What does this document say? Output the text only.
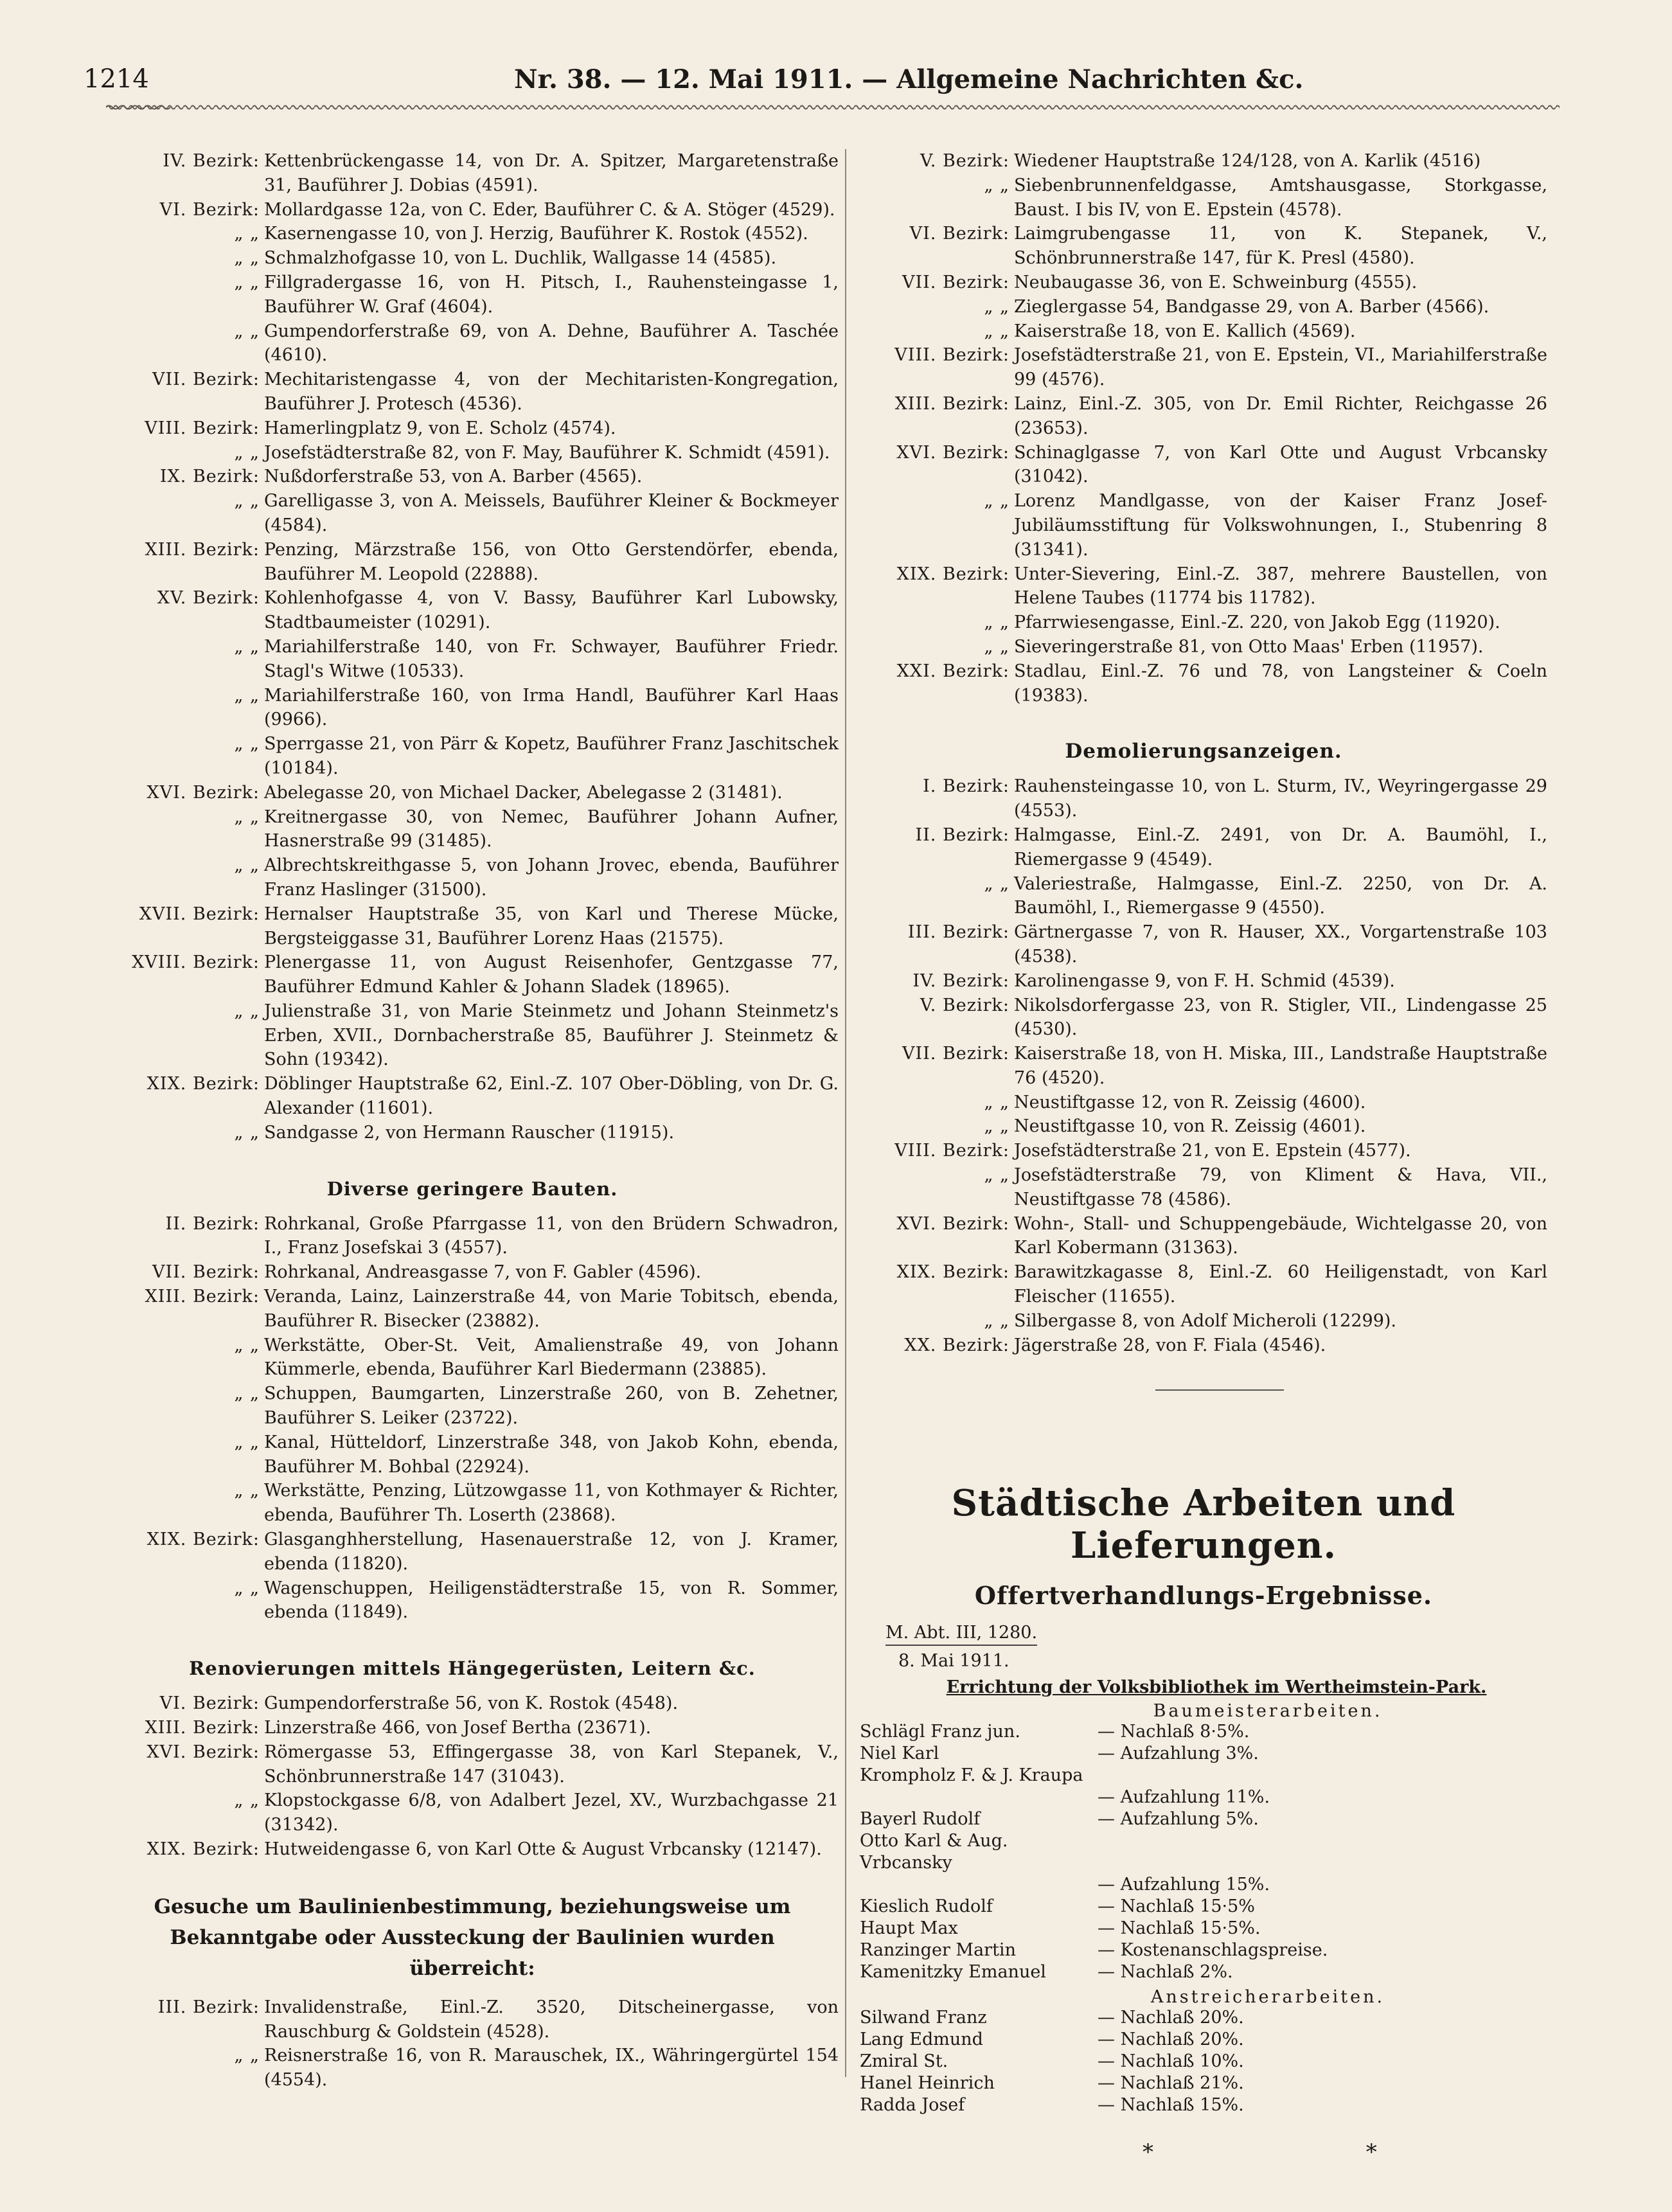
1214	Nr. 38. — 12. Mai 1911. — Allgemeine Nachrichten &c.
IV. Bezirk: Kettenbrückengasse 14, von Dr. A. Spitzer, Margaretenstraße 31, Bauführer J. Dobias (4591).
VI. Bezirk: Mollardgasse 12a, von C. Eder, Bauführer C. & A. Stöger (4529).
„ „ Kasernengasse 10, von J. Herzig, Bauführer K. Rostok (4552).
„ „ Schmalzhofgasse 10, von L. Duchlik, Wallgasse 14 (4585).
„ „ Fillgradergasse 16, von H. Pitsch, I., Rauhensteingasse 1, Bauführer W. Graf (4604).
„ „ Gumpendorferstraße 69, von A. Dehne, Bauführer A. Taschée (4610).
VII. Bezirk: Mechitaristengasse 4, von der Mechitaristen-Kongregation, Bauführer J. Protesch (4536).
VIII. Bezirk: Hamerlingplatz 9, von E. Scholz (4574).
„ „ Josefstädterstraße 82, von F. May, Bauführer K. Schmidt (4591).
IX. Bezirk: Nußdorferstraße 53, von A. Barber (4565).
„ „ Garelligasse 3, von A. Meissels, Bauführer Kleiner & Bockmeyer (4584).
XIII. Bezirk: Penzing, Märzstraße 156, von Otto Gerstendörfer, ebenda, Bauführer M. Leopold (22888).
XV. Bezirk: Kohlenhofgasse 4, von V. Bassy, Bauführer Karl Lubowsky, Stadtbaumeister (10291).
„ „ Mariahilferstraße 140, von Fr. Schwayer, Bauführer Friedr. Stagl's Witwe (10533).
„ „ Mariahilferstraße 160, von Irma Handl, Bauführer Karl Haas (9966).
„ „ Sperrgasse 21, von Pärr & Kopetz, Bauführer Franz Jaschitschek (10184).
XVI. Bezirk: Abelegasse 20, von Michael Dacker, Abelegasse 2 (31481).
„ „ Kreitnergasse 30, von Nemec, Bauführer Johann Aufner, Hasnerstraße 99 (31485).
„ „ Albrechtskreithgasse 5, von Johann Jrovec, ebenda, Bauführer Franz Haslinger (31500).
XVII. Bezirk: Hernalser Hauptstraße 35, von Karl und Therese Mücke, Bergsteiggasse 31, Bauführer Lorenz Haas (21575).
XVIII. Bezirk: Plenergasse 11, von August Reisenhofer, Gentzgasse 77, Bauführer Edmund Kahler & Johann Sladek (18965).
„ „ Julienstraße 31, von Marie Steinmetz und Johann Steinmetz's Erben, XVII., Dornbacherstraße 85, Bauführer J. Steinmetz & Sohn (19342).
XIX. Bezirk: Döblinger Hauptstraße 62, Einl.-Z. 107 Ober-Döbling, von Dr. G. Alexander (11601).
„ „ Sandgasse 2, von Hermann Rauscher (11915).
Diverse geringere Bauten.
II. Bezirk: Rohrkanal, Große Pfarrgasse 11, von den Brüdern Schwadron, I., Franz Josefskai 3 (4557).
VII. Bezirk: Rohrkanal, Andreasgasse 7, von F. Gabler (4596).
XIII. Bezirk: Veranda, Lainz, Lainzerstraße 44, von Marie Tobitsch, ebenda, Bauführer R. Bisecker (23882).
„ „ Werkstätte, Ober-St. Veit, Amalienstraße 49, von Johann Kümmerle, ebenda, Bauführer Karl Biedermann (23885).
„ „ Schuppen, Baumgarten, Linzerstraße 260, von B. Zehetner, Bauführer S. Leiker (23722).
„ „ Kanal, Hütteldorf, Linzerstraße 348, von Jakob Kohn, ebenda, Bauführer M. Bohbal (22924).
„ „ Werkstätte, Penzing, Lützowgasse 11, von Kothmayer & Richter, ebenda, Bauführer Th. Loserth (23868).
XIX. Bezirk: Glasganghherstellung, Hasenauerstraße 12, von J. Kramer, ebenda (11820).
„ „ Wagenschuppen, Heiligenstädterstraße 15, von R. Sommer, ebenda (11849).
Renovierungen mittels Hängegerüsten, Leitern &c.
VI. Bezirk: Gumpendorferstraße 56, von K. Rostok (4548).
XIII. Bezirk: Linzerstraße 466, von Josef Bertha (23671).
XVI. Bezirk: Römergasse 53, Effingergasse 38, von Karl Stepanek, V., Schönbrunnerstraße 147 (31043).
„ „ Klopstockgasse 6/8, von Adalbert Jezel, XV., Wurzbachgasse 21 (31342).
XIX. Bezirk: Hutweidengasse 6, von Karl Otte & August Vrbcansky (12147).
Gesuche um Baulinienbestimmung, beziehungsweise um Bekanntgabe oder Aussteckung der Baulinien wurden überreicht:
III. Bezirk: Invalidenstraße, Einl.-Z. 3520, Ditscheinergasse, von Rauschburg & Goldstein (4528).
„ „ Reisnerstraße 16, von R. Marauschek, IX., Währingergürtel 154 (4554).
V. Bezirk: Wiedener Hauptstraße 124/128, von A. Karlik (4516)
„ „ Siebenbrunnenfeldgasse, Amtshausgasse, Storkgasse, Baust. I bis IV, von E. Epstein (4578).
VI. Bezirk: Laimgrubengasse 11, von K. Stepanek, V., Schönbrunnerstraße 147, für K. Presl (4580).
VII. Bezirk: Neubaugasse 36, von E. Schweinburg (4555).
„ „ Zieglergasse 54, Bandgasse 29, von A. Barber (4566).
„ „ Kaiserstraße 18, von E. Kallich (4569).
VIII. Bezirk: Josefstädterstraße 21, von E. Epstein, VI., Mariahilferstraße 99 (4576).
XIII. Bezirk: Lainz, Einl.-Z. 305, von Dr. Emil Richter, Reichgasse 26 (23653).
XVI. Bezirk: Schinaglgasse 7, von Karl Otte und August Vrbcansky (31042).
„ „ Lorenz Mandlgasse, von der Kaiser Franz Josef-Jubiläumsstiftung für Volkswohnungen, I., Stubenring 8 (31341).
XIX. Bezirk: Unter-Sievering, Einl.-Z. 387, mehrere Baustellen, von Helene Taubes (11774 bis 11782).
„ „ Pfarrwiesengasse, Einl.-Z. 220, von Jakob Egg (11920).
„ „ Sieveringerstraße 81, von Otto Maas' Erben (11957).
XXI. Bezirk: Stadlau, Einl.-Z. 76 und 78, von Langsteiner & Coeln (19383).
Demolierungsanzeigen.
I. Bezirk: Rauhensteingasse 10, von L. Sturm, IV., Weyringergasse 29 (4553).
II. Bezirk: Halmgasse, Einl.-Z. 2491, von Dr. A. Baumöhl, I., Riemergasse 9 (4549).
„ „ Valeriestraße, Halmgasse, Einl.-Z. 2250, von Dr. A. Baumöhl, I., Riemergasse 9 (4550).
III. Bezirk: Gärtnergasse 7, von R. Hauser, XX., Vorgartenstraße 103 (4538).
IV. Bezirk: Karolinengasse 9, von F. H. Schmid (4539).
V. Bezirk: Nikolsdorfergasse 23, von R. Stigler, VII., Lindengasse 25 (4530).
VII. Bezirk: Kaiserstraße 18, von H. Miska, III., Landstraße Hauptstraße 76 (4520).
„ „ Neustiftgasse 12, von R. Zeissig (4600).
„ „ Neustiftgasse 10, von R. Zeissig (4601).
VIII. Bezirk: Josefstädterstraße 21, von E. Epstein (4577).
„ „ Josefstädterstraße 79, von Kliment & Hava, VII., Neustiftgasse 78 (4586).
XVI. Bezirk: Wohn-, Stall- und Schuppengebäude, Wichtelgasse 20, von Karl Kobermann (31363).
XIX. Bezirk: Barawitzkagasse 8, Einl.-Z. 60 Heiligenstadt, von Karl Fleischer (11655).
„ „ Silbergasse 8, von Adolf Micheroli (12299).
XX. Bezirk: Jägerstraße 28, von F. Fiala (4546).
Städtische Arbeiten und Lieferungen.
Offertverhandlungs-Ergebnisse.
M. Abt. III, 1280.
8. Mai 1911.
Errichtung der Volksbibliothek im Wertheimstein-Park.
Baumeisterarbeiten.
Schlägl Franz jun.	— Nachlaß 8·5%.
Niel Karl	— Aufzahlung 3%.
Krompholz F. & J. Kraupa
— Aufzahlung 11%.
Bayerl Rudolf	— Aufzahlung 5%.
Otto Karl & Aug. Vrbcansky
— Aufzahlung 15%.
Kieslich Rudolf	— Nachlaß 15·5%
Haupt Max	— Nachlaß 15·5%.
Ranzinger Martin	— Kostenanschlagspreise.
Kamenitzky Emanuel	— Nachlaß 2%.
Anstreicherarbeiten.
Silwand Franz	— Nachlaß 20%.
Lang Edmund	— Nachlaß 20%.
Zmiral St.	— Nachlaß 10%.
Hanel Heinrich	— Nachlaß 21%.
Radda Josef	— Nachlaß 15%.
* *
